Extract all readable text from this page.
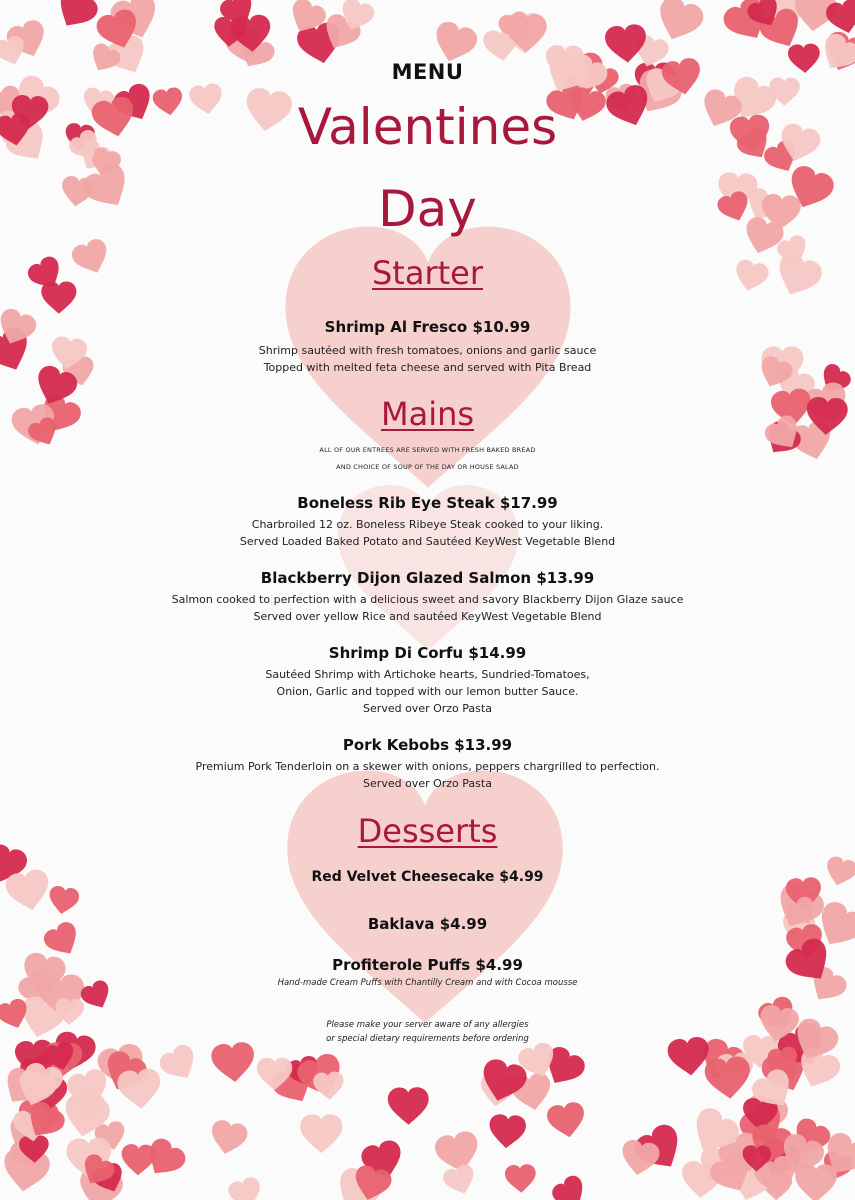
MENU
Valentines
Day
Starter
Shrimp Al Fresco $10.99
Shrimp sautéed with fresh tomatoes, onions and garlic sauce
Topped with melted feta cheese and served with Pita Bread
Mains
ALL OF OUR ENTREES ARE SERVED WITH FRESH BAKED BREAD
AND CHOICE OF SOUP OF THE DAY OR HOUSE SALAD
Boneless Rib Eye Steak $17.99
Charbroiled 12 oz. Boneless Ribeye Steak cooked to your liking.
Served Loaded Baked Potato and Sautéed KeyWest Vegetable Blend
Blackberry Dijon Glazed Salmon $13.99
Salmon cooked to perfection with a delicious sweet and savory Blackberry Dijon Glaze sauce
Served over yellow Rice and sautéed KeyWest Vegetable Blend
Shrimp Di Corfu $14.99
Sautéed Shrimp with Artichoke hearts, Sundried-Tomatoes,
Onion, Garlic and topped with our lemon butter Sauce.
Served over Orzo Pasta
Pork Kebobs $13.99
Premium Pork Tenderloin on a skewer with onions, peppers chargrilled to perfection.
Served over Orzo Pasta
Desserts
Red Velvet Cheesecake $4.99
Baklava $4.99
Profiterole Puffs $4.99
Hand-made Cream Puffs with Chantilly Cream and with Cocoa mousse
Please make your server aware of any allergies
or special dietary requirements before ordering
